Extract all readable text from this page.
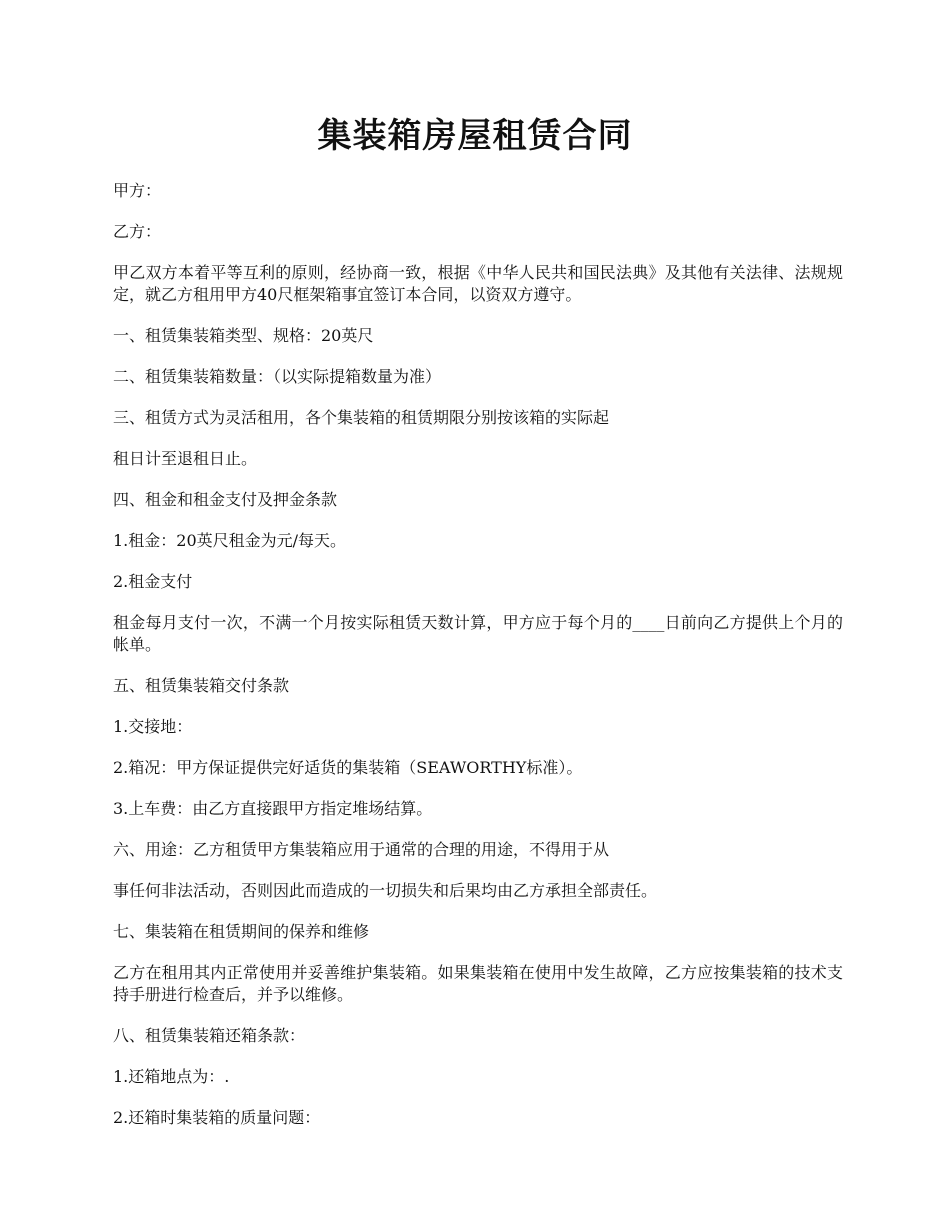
集装箱房屋租赁合同

甲方：

乙方：

甲乙双方本着平等互利的原则，经协商一致，根据《中华人民共和国民法典》及其他有关法律、法规规定，就乙方租用甲方40尺框架箱事宜签订本合同，以资双方遵守。

一、租赁集装箱类型、规格：20英尺

二、租赁集装箱数量：（以实际提箱数量为准）

三、租赁方式为灵活租用，各个集装箱的租赁期限分别按该箱的实际起

租日计至退租日止。

四、租金和租金支付及押金条款

1.租金：20英尺租金为元/每天。

2.租金支付

租金每月支付一次，不满一个月按实际租赁天数计算，甲方应于每个月的____日前向乙方提供上个月的帐单。

五、租赁集装箱交付条款

1.交接地：

2.箱况：甲方保证提供完好适货的集装箱（SEAWORTHY标准）。

3.上车费：由乙方直接跟甲方指定堆场结算。

六、用途：乙方租赁甲方集装箱应用于通常的合理的用途，不得用于从

事任何非法活动，否则因此而造成的一切损失和后果均由乙方承担全部责任。

七、集装箱在租赁期间的保养和维修

乙方在租用其内正常使用并妥善维护集装箱。如果集装箱在使用中发生故障，乙方应按集装箱的技术支持手册进行检查后，并予以维修。

八、租赁集装箱还箱条款：

1.还箱地点为：.

2.还箱时集装箱的质量问题：
